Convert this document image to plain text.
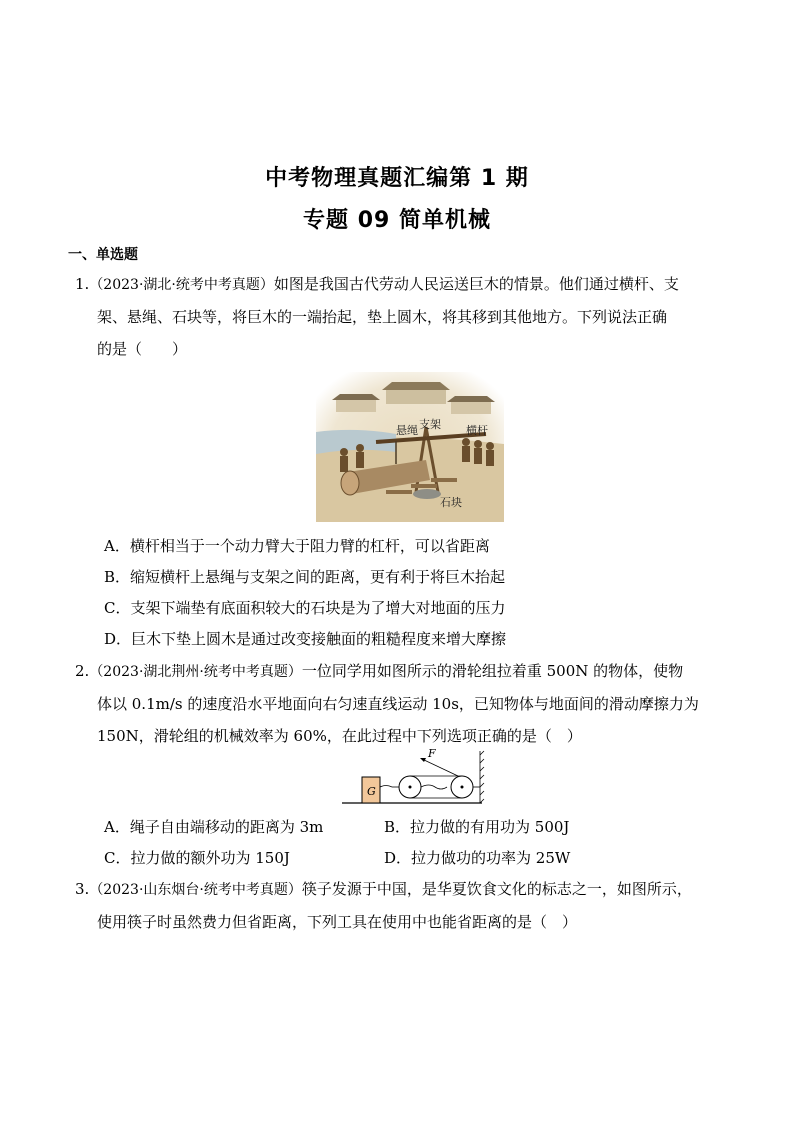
中考物理真题汇编第 1 期
专题 09 简单机械
一、单选题
1.（2023·湖北·统考中考真题）如图是我国古代劳动人民运送巨木的情景。他们通过横杆、支
架、悬绳、石块等，将巨木的一端抬起，垫上圆木，将其移到其他地方。下列说法正确
的是（　　）
悬绳 支架 横杆
石块
A．横杆相当于一个动力臂大于阻力臂的杠杆，可以省距离
B．缩短横杆上悬绳与支架之间的距离，更有利于将巨木抬起
C．支架下端垫有底面积较大的石块是为了增大对地面的压力
D．巨木下垫上圆木是通过改变接触面的粗糙程度来增大摩擦
2.（2023·湖北荆州·统考中考真题）一位同学用如图所示的滑轮组拉着重 500N 的物体，使物
体以 0.1m/s 的速度沿水平地面向右匀速直线运动 10s，已知物体与地面间的滑动摩擦力为
150N，滑轮组的机械效率为 60%，在此过程中下列选项正确的是（　）
G
F
A．绳子自由端移动的距离为 3m	B．拉力做的有用功为 500J
C．拉力做的额外功为 150J	D．拉力做功的功率为 25W
3.（2023·山东烟台·统考中考真题）筷子发源于中国，是华夏饮食文化的标志之一，如图所示，
使用筷子时虽然费力但省距离，下列工具在使用中也能省距离的是（　）
